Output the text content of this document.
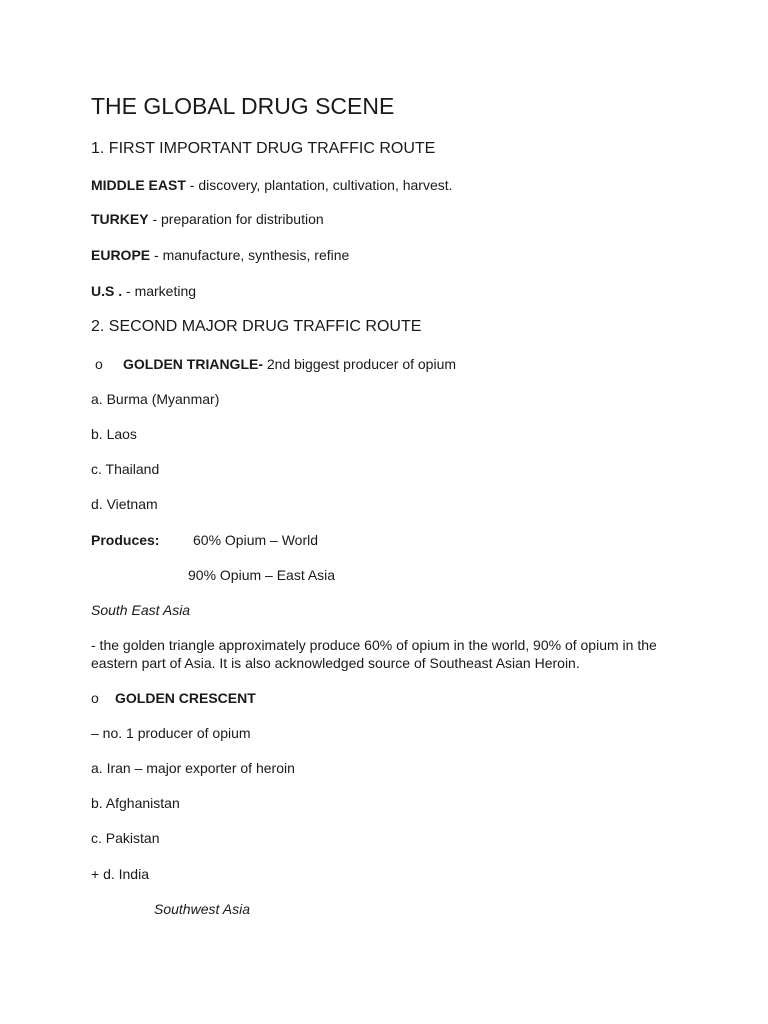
THE GLOBAL DRUG SCENE
1. FIRST IMPORTANT DRUG TRAFFIC ROUTE
MIDDLE EAST - discovery, plantation, cultivation, harvest.
TURKEY - preparation for distribution
EUROPE - manufacture, synthesis, refine
U.S . - marketing
2. SECOND MAJOR DRUG TRAFFIC ROUTE
o GOLDEN TRIANGLE- 2nd biggest producer of opium
a. Burma (Myanmar)
b. Laos
c. Thailand
d. Vietnam
Produces: 60% Opium – World
90% Opium – East Asia
South East Asia
- the golden triangle approximately produce 60% of opium in the world, 90% of opium in the eastern part of Asia. It is also acknowledged source of Southeast Asian Heroin.
o GOLDEN CRESCENT
– no. 1 producer of opium
a. Iran – major exporter of heroin
b. Afghanistan
c. Pakistan
+ d. India
Southwest Asia
